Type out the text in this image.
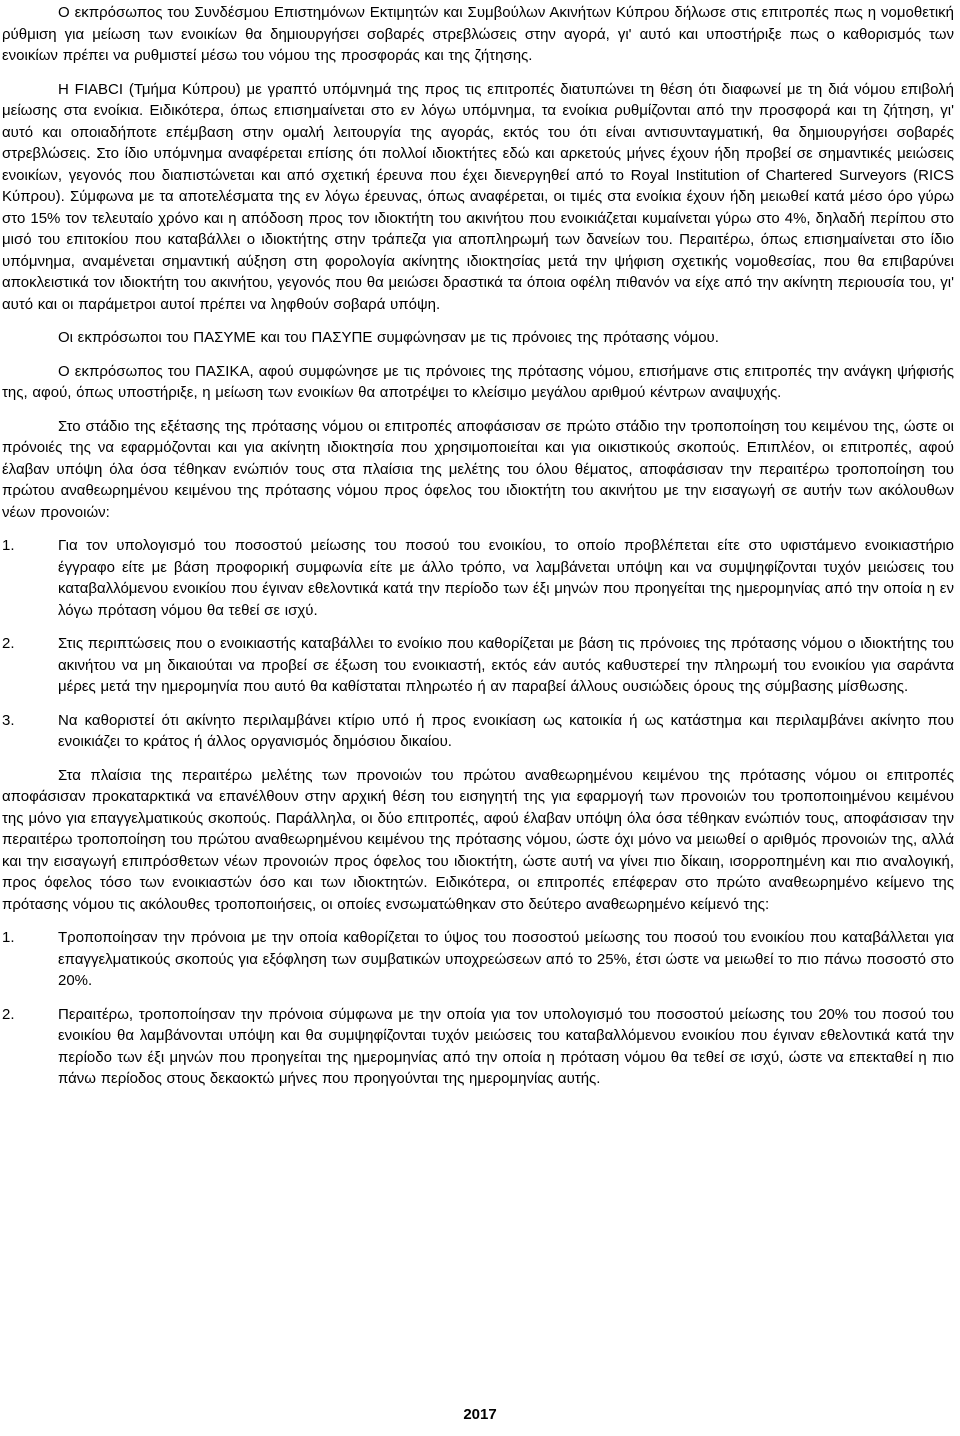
Ο εκπρόσωπος του Συνδέσμου Επιστημόνων Εκτιμητών και Συμβούλων Ακινήτων Κύπρου δήλωσε στις επιτροπές πως η νομοθετική ρύθμιση για μείωση των ενοικίων θα δημιουργήσει σοβαρές στρεβλώσεις στην αγορά, γι' αυτό και υποστήριξε πως ο καθορισμός των ενοικίων πρέπει να ρυθμιστεί μέσω του νόμου της προσφοράς και της ζήτησης.

Η FIABCI (Τμήμα Κύπρου) με γραπτό υπόμνημά της προς τις επιτροπές διατυπώνει τη θέση ότι διαφωνεί με τη διά νόμου επιβολή μείωσης στα ενοίκια. Ειδικότερα, όπως επισημαίνεται στο εν λόγω υπόμνημα, τα ενοίκια ρυθμίζονται από την προσφορά και τη ζήτηση, γι' αυτό και οποιαδήποτε επέμβαση στην ομαλή λειτουργία της αγοράς, εκτός του ότι είναι αντισυνταγματική, θα δημιουργήσει σοβαρές στρεβλώσεις. Στο ίδιο υπόμνημα αναφέρεται επίσης ότι πολλοί ιδιοκτήτες εδώ και αρκετούς μήνες έχουν ήδη προβεί σε σημαντικές μειώσεις ενοικίων, γεγονός που διαπιστώνεται και από σχετική έρευνα που έχει διενεργηθεί από το Royal Institution of Chartered Surveyors (RICS Κύπρου). Σύμφωνα με τα αποτελέσματα της εν λόγω έρευνας, όπως αναφέρεται, οι τιμές στα ενοίκια έχουν ήδη μειωθεί κατά μέσο όρο γύρω στο 15% τον τελευταίο χρόνο και η απόδοση προς τον ιδιοκτήτη του ακινήτου που ενοικιάζεται κυμαίνεται γύρω στο 4%, δηλαδή περίπου στο μισό του επιτοκίου που καταβάλλει ο ιδιοκτήτης στην τράπεζα για αποπληρωμή των δανείων του. Περαιτέρω, όπως επισημαίνεται στο ίδιο υπόμνημα, αναμένεται σημαντική αύξηση στη φορολογία ακίνητης ιδιοκτησίας μετά την ψήφιση σχετικής νομοθεσίας, που θα επιβαρύνει αποκλειστικά τον ιδιοκτήτη του ακινήτου, γεγονός που θα μειώσει δραστικά τα όποια οφέλη πιθανόν να είχε από την ακίνητη περιουσία του, γι' αυτό και οι παράμετροι αυτοί πρέπει να ληφθούν σοβαρά υπόψη.

Οι εκπρόσωποι του ΠΑΣΥΜΕ και του ΠΑΣΥΠΕ συμφώνησαν με τις πρόνοιες της πρότασης νόμου.

Ο εκπρόσωπος του ΠΑΣΙΚΑ, αφού συμφώνησε με τις πρόνοιες της πρότασης νόμου, επισήμανε στις επιτροπές την ανάγκη ψήφισής της, αφού, όπως υποστήριξε, η μείωση των ενοικίων θα αποτρέψει το κλείσιμο μεγάλου αριθμού κέντρων αναψυχής.

Στο στάδιο της εξέτασης της πρότασης νόμου οι επιτροπές αποφάσισαν σε πρώτο στάδιο την τροποποίηση του κειμένου της, ώστε οι πρόνοιές της να εφαρμόζονται και για ακίνητη ιδιοκτησία που χρησιμοποιείται και για οικιστικούς σκοπούς. Επιπλέον, οι επιτροπές, αφού έλαβαν υπόψη όλα όσα τέθηκαν ενώπιόν τους στα πλαίσια της μελέτης του όλου θέματος, αποφάσισαν την περαιτέρω τροποποίηση του πρώτου αναθεωρημένου κειμένου της πρότασης νόμου προς όφελος του ιδιοκτήτη του ακινήτου με την εισαγωγή σε αυτήν των ακόλουθων νέων προνοιών:

1.	Για τον υπολογισμό του ποσοστού μείωσης του ποσού του ενοικίου, το οποίο προβλέπεται είτε στο υφιστάμενο ενοικιαστήριο έγγραφο είτε με βάση προφορική συμφωνία είτε με άλλο τρόπο, να λαμβάνεται υπόψη και να συμψηφίζονται τυχόν μειώσεις του καταβαλλόμενου ενοικίου που έγιναν εθελοντικά κατά την περίοδο των έξι μηνών που προηγείται της ημερομηνίας από την οποία η εν λόγω πρόταση νόμου θα τεθεί σε ισχύ.
2.	Στις περιπτώσεις που ο ενοικιαστής καταβάλλει το ενοίκιο που καθορίζεται με βάση τις πρόνοιες της πρότασης νόμου ο ιδιοκτήτης του ακινήτου να μη δικαιούται να προβεί σε έξωση του ενοικιαστή, εκτός εάν αυτός καθυστερεί την πληρωμή του ενοικίου για σαράντα μέρες μετά την ημερομηνία που αυτό θα καθίσταται πληρωτέο ή αν παραβεί άλλους ουσιώδεις όρους της σύμβασης μίσθωσης.
3.	Να καθοριστεί ότι ακίνητο περιλαμβάνει κτίριο υπό ή προς ενοικίαση ως κατοικία ή ως κατάστημα και περιλαμβάνει ακίνητο που ενοικιάζει το κράτος ή άλλος οργανισμός δημόσιου δικαίου.

Στα πλαίσια της περαιτέρω μελέτης των προνοιών του πρώτου αναθεωρημένου κειμένου της πρότασης νόμου οι επιτροπές αποφάσισαν προκαταρκτικά να επανέλθουν στην αρχική θέση του εισηγητή της για εφαρμογή των προνοιών του τροποποιημένου κειμένου της μόνο για επαγγελματικούς σκοπούς. Παράλληλα, οι δύο επιτροπές, αφού έλαβαν υπόψη όλα όσα τέθηκαν ενώπιόν τους, αποφάσισαν την περαιτέρω τροποποίηση του πρώτου αναθεωρημένου κειμένου της πρότασης νόμου, ώστε όχι μόνο να μειωθεί ο αριθμός προνοιών της, αλλά και την εισαγωγή επιπρόσθετων νέων προνοιών προς όφελος του ιδιοκτήτη, ώστε αυτή να γίνει πιο δίκαιη, ισορροπημένη και πιο αναλογική, προς όφελος τόσο των ενοικιαστών όσο και των ιδιοκτητών. Ειδικότερα, οι επιτροπές επέφεραν στο πρώτο αναθεωρημένο κείμενο της πρότασης νόμου τις ακόλουθες τροποποιήσεις, οι οποίες ενσωματώθηκαν στο δεύτερο αναθεωρημένο κείμενό της:

1.	Τροποποίησαν την πρόνοια με την οποία καθορίζεται το ύψος του ποσοστού μείωσης του ποσού του ενοικίου που καταβάλλεται για επαγγελματικούς σκοπούς για εξόφληση των συμβατικών υποχρεώσεων από το 25%, έτσι ώστε να μειωθεί το πιο πάνω ποσοστό στο 20%.
2.	Περαιτέρω, τροποποίησαν την πρόνοια σύμφωνα με την οποία για τον υπολογισμό του ποσοστού μείωσης του 20% του ποσού του ενοικίου θα λαμβάνονται υπόψη και θα συμψηφίζονται τυχόν μειώσεις του καταβαλλόμενου ενοικίου που έγιναν εθελοντικά κατά την περίοδο των έξι μηνών που προηγείται της ημερομηνίας από την οποία η πρόταση νόμου θα τεθεί σε ισχύ, ώστε να επεκταθεί η πιο πάνω περίοδος στους δεκαοκτώ μήνες που προηγούνται της ημερομηνίας αυτής.
2017
